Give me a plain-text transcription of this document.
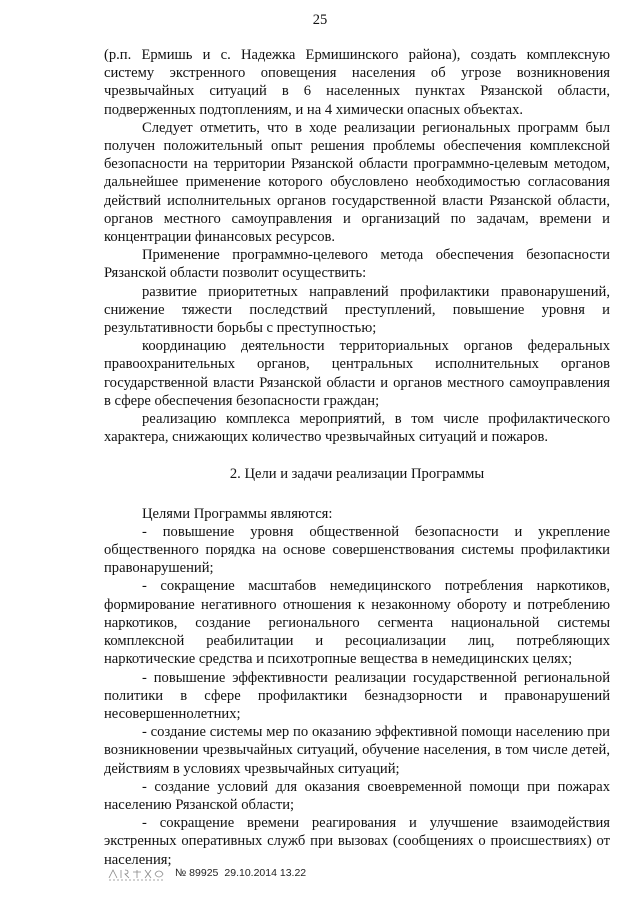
25

(р.п. Ермишь и с. Надежка Ермишинского района), создать комплексную систему экстренного оповещения населения об угрозе возникновения чрезвычайных ситуаций в 6 населенных пунктах Рязанской области, подверженных подтоплениям, и на 4 химически опасных объектах.

Следует отметить, что в ходе реализации региональных программ был получен положительный опыт решения проблемы обеспечения комплексной безопасности на территории Рязанской области программно-целевым методом, дальнейшее применение которого обусловлено необходимостью согласования действий исполнительных органов государственной власти Рязанской области, органов местного самоуправления и организаций по задачам, времени и концентрации финансовых ресурсов.

Применение программно-целевого метода обеспечения безопасности Рязанской области позволит осуществить:

развитие приоритетных направлений профилактики правонарушений, снижение тяжести последствий преступлений, повышение уровня и результативности борьбы с преступностью;

координацию деятельности территориальных органов федеральных правоохранительных органов, центральных исполнительных органов государственной власти Рязанской области и органов местного самоуправления в сфере обеспечения безопасности граждан;

реализацию комплекса мероприятий, в том числе профилактического характера, снижающих количество чрезвычайных ситуаций и пожаров.

2. Цели и задачи реализации Программы

Целями Программы являются:

- повышение уровня общественной безопасности и укрепление общественного порядка на основе совершенствования системы профилактики правонарушений;

- сокращение масштабов немедицинского потребления наркотиков, формирование негативного отношения к незаконному обороту и потреблению наркотиков, создание регионального сегмента национальной системы комплексной реабилитации и ресоциализации лиц, потребляющих наркотические средства и психотропные вещества в немедицинских целях;

- повышение эффективности реализации государственной региональной политики в сфере профилактики безнадзорности и правонарушений несовершеннолетних;

- создание системы мер по оказанию эффективной помощи населению при возникновении чрезвычайных ситуаций, обучение населения, в том числе детей, действиям в условиях чрезвычайных ситуаций;

- создание условий для оказания своевременной помощи при пожарах населению Рязанской области;

- сокращение времени реагирования и улучшение взаимодействия экстренных оперативных служб при вызовах (сообщениях о происшествиях) от населения;

№ 89925 29.10.2014 13.22
